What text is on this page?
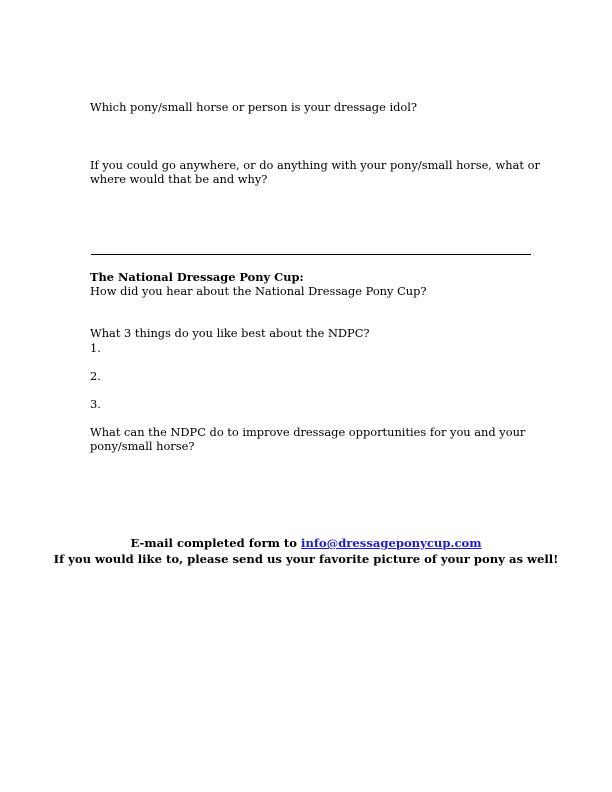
Which pony/small horse or person is your dressage idol?
If you could go anywhere, or do anything with your pony/small horse, what or
where would that be and why?
The National Dressage Pony Cup:
How did you hear about the National Dressage Pony Cup?
What 3 things do you like best about the NDPC?
1.
2.
3.
What can the NDPC do to improve dressage opportunities for you and your
pony/small horse?
E-mail completed form to info@dressageponycup.com
If you would like to, please send us your favorite picture of your pony as well!
